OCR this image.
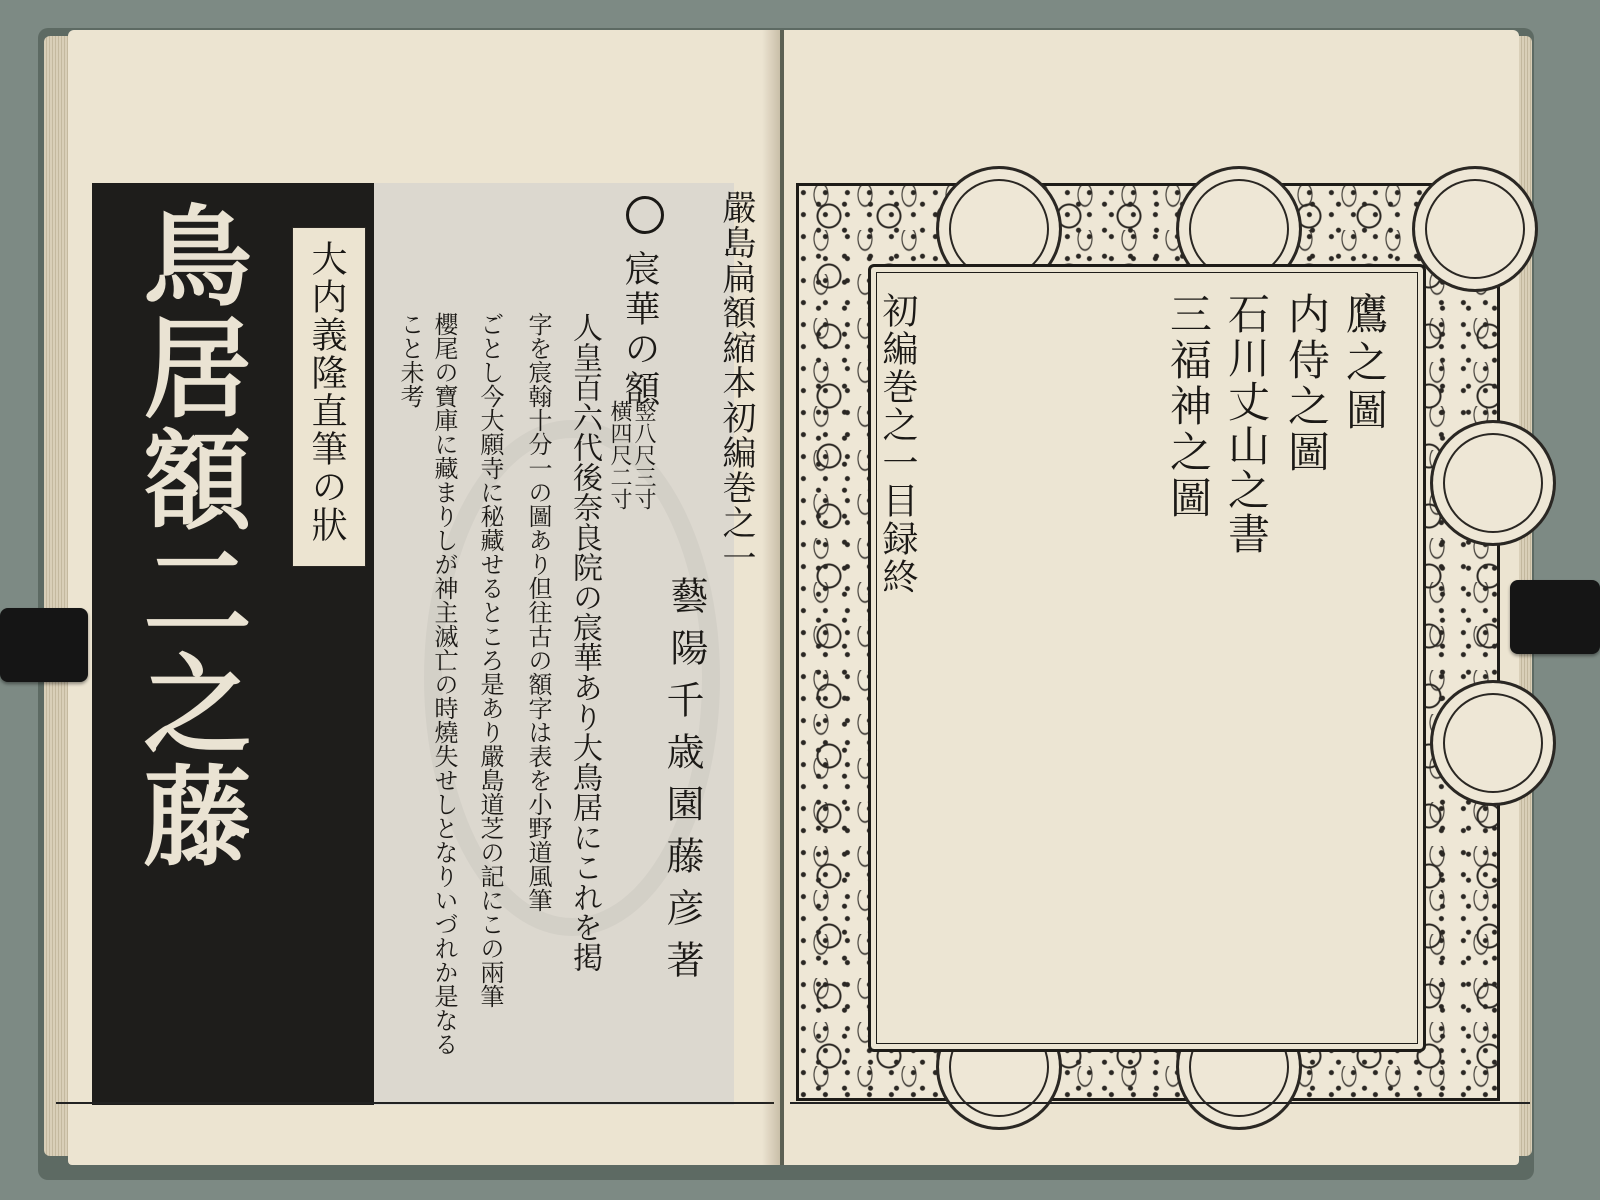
鳥居額二之藤 大内義隆直筆の狀	嚴島扁額縮本初編巻之一
藝陽
千歳園藤彦著
宸華の額
竪八尺三寸
横四尺二寸
人皇百六代後奈良院の宸華あり大鳥居にこれを掲
字を宸翰十分一の圖あり但往古の額字は表を小野道風筆
ごとし今大願寺に秘藏せるところ是あり嚴島道芝の記にこの兩筆
櫻尾の寶庫に藏まりしが神主滅亡の時燒失せしとなりいづれか是なる
こと未考	鷹之圖
内侍之圖
石川丈山之書
三福神之圖
初編巻之一目録終
